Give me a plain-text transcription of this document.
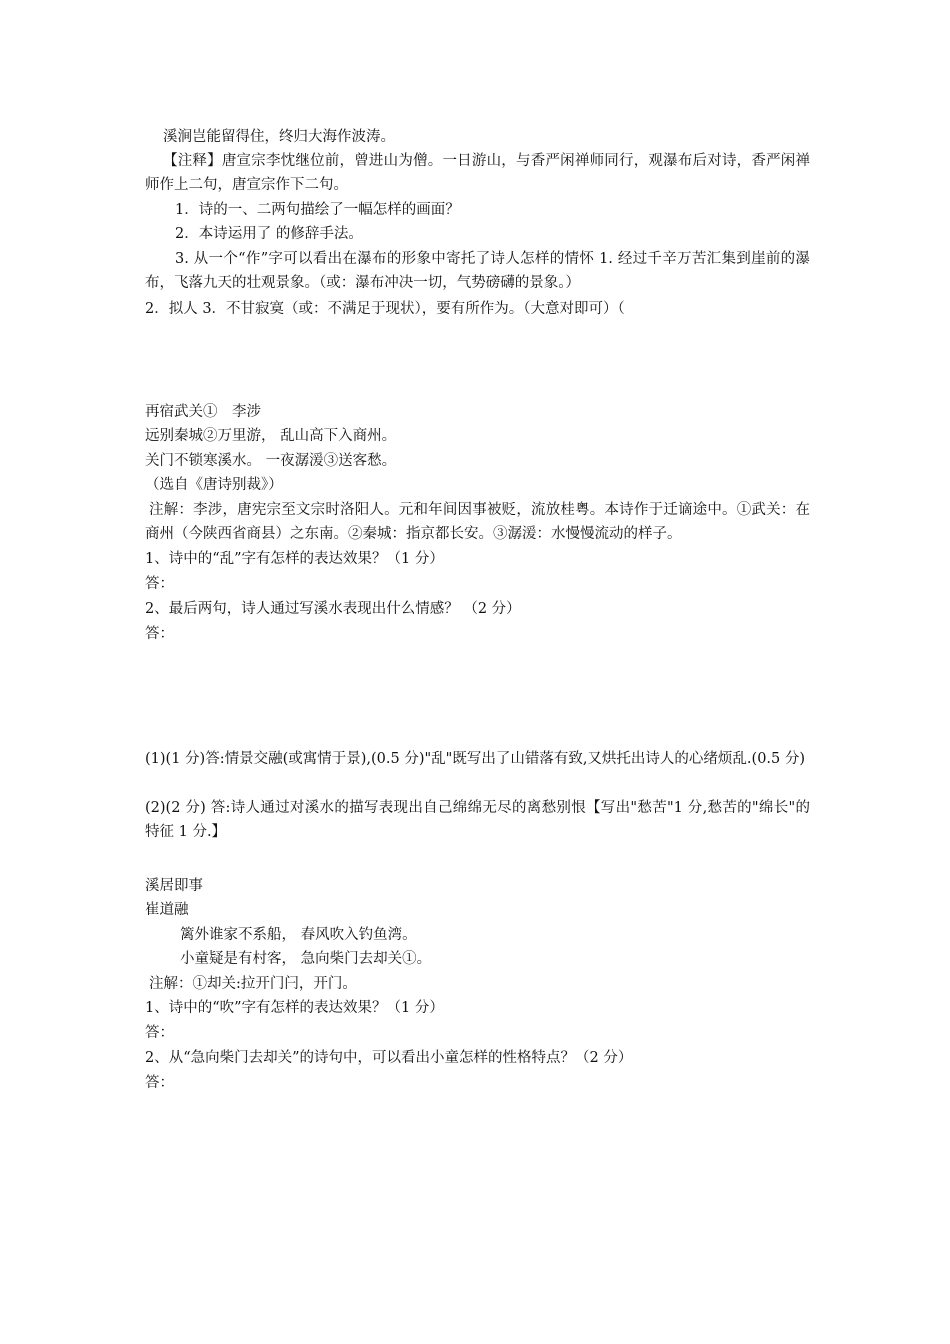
溪涧岂能留得住，终归大海作波涛。
【注释】唐宣宗李忱继位前，曾进山为僧。一日游山，与香严闲禅师同行，观瀑布后对诗，香严闲禅师作上二句，唐宣宗作下二句。
1．诗的一、二两句描绘了一幅怎样的画面？
2．本诗运用了 的修辞手法。
3. 从一个“作”字可以看出在瀑布的形象中寄托了诗人怎样的情怀 1. 经过千辛万苦汇集到崖前的瀑布，飞落九天的壮观景象。（或：瀑布冲决一切，气势磅礴的景象。）
2．拟人 3．不甘寂寞（或：不满足于现状），要有所作为。（大意对即可）（
再宿武关①　李涉
远别秦城②万里游， 乱山高下入商州。
关门不锁寒溪水。 一夜潺湲③送客愁。
（选自《唐诗别裁》）
注解：李涉，唐宪宗至文宗时洛阳人。元和年间因事被贬，流放桂粤。本诗作于迁谪途中。①武关：在商州（今陕西省商县）之东南。②秦城：指京都长安。③潺湲：水慢慢流动的样子。
1、诗中的“乱”字有怎样的表达效果？（1 分）
答：
2、最后两句，诗人通过写溪水表现出什么情感？ （2 分）
答：
(1)(1 分)答:情景交融(或寓情于景),(0.5 分)"乱"既写出了山错落有致,又烘托出诗人的心绪烦乱.(0.5 分)
(2)(2 分) 答:诗人通过对溪水的描写表现出自己绵绵无尽的离愁别恨【写出"愁苦"1 分,愁苦的"绵长"的特征 1 分.】
溪居即事
崔道融
篱外谁家不系船， 春风吹入钓鱼湾。
小童疑是有村客， 急向柴门去却关①。
注解：①却关:拉开门闩，开门。
1、诗中的“吹”字有怎样的表达效果？（1 分）
答：
2、从“急向柴门去却关”的诗句中，可以看出小童怎样的性格特点？（2 分）
答：
